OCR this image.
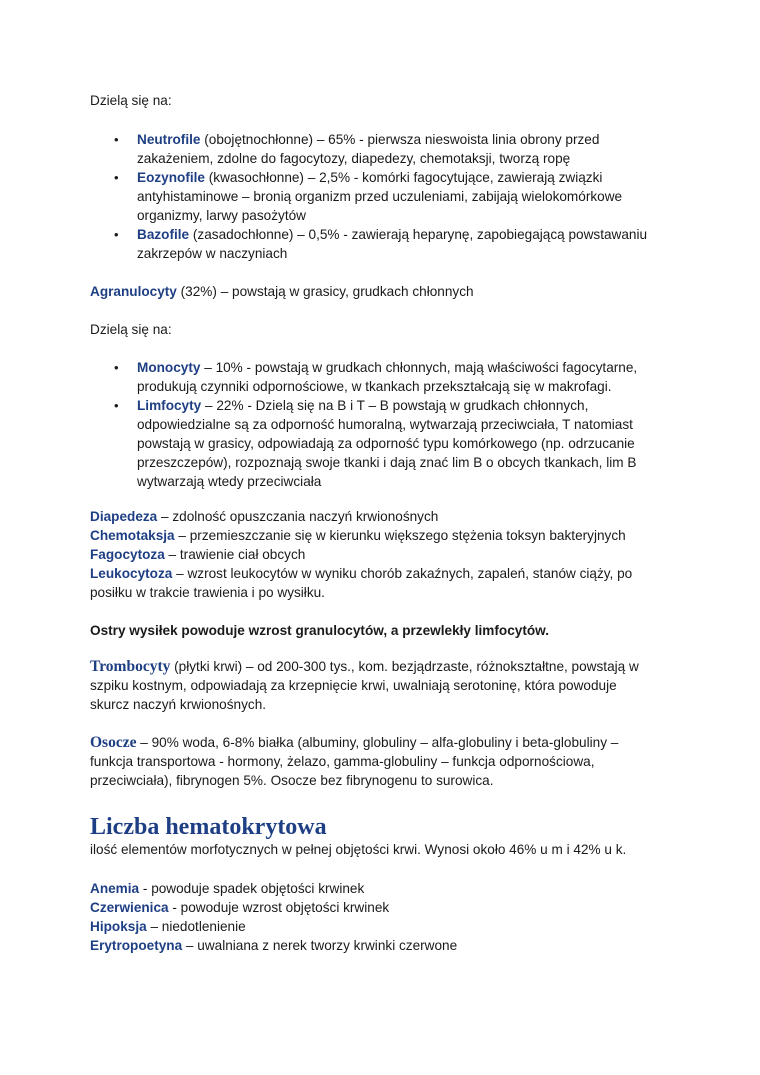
Dzielą się na:
• Neutrofile (obojętnochłonne) – 65% - pierwsza nieswoista linia obrony przed
zakażeniem, zdolne do fagocytozy, diapedezy, chemotaksji, tworzą ropę
• Eozynofile (kwasochłonne) – 2,5% - komórki fagocytujące, zawierają związki
antyhistaminowe – bronią organizm przed uczuleniami, zabijają wielokomórkowe
organizmy, larwy pasożytów
• Bazofile (zasadochłonne) – 0,5% - zawierają heparynę, zapobiegającą powstawaniu
zakrzepów w naczyniach
Agranulocyty (32%) – powstają w grasicy, grudkach chłonnych
Dzielą się na:
• Monocyty – 10% - powstają w grudkach chłonnych, mają właściwości fagocytarne,
produkują czynniki odpornościowe, w tkankach przekształcają się w makrofagi.
• Limfocyty – 22% - Dzielą się na B i T – B powstają w grudkach chłonnych,
odpowiedzialne są za odporność humoralną, wytwarzają przeciwciała, T natomiast
powstają w grasicy, odpowiadają za odporność typu komórkowego (np. odrzucanie
przeszczepów), rozpoznają swoje tkanki i dają znać lim B o obcych tkankach, lim B
wytwarzają wtedy przeciwciała
Diapedeza – zdolność opuszczania naczyń krwionośnych
Chemotaksja – przemieszczanie się w kierunku większego stężenia toksyn bakteryjnych
Fagocytoza – trawienie ciał obcych
Leukocytoza – wzrost leukocytów w wyniku chorób zakaźnych, zapaleń, stanów ciąży, po
posiłku w trakcie trawienia i po wysiłku.
Ostry wysiłek powoduje wzrost granulocytów, a przewlekły limfocytów.
Trombocyty (płytki krwi) – od 200-300 tys., kom. bezjądrzaste, różnokształtne, powstają w
szpiku kostnym, odpowiadają za krzepnięcie krwi, uwalniają serotoninę, która powoduje
skurcz naczyń krwionośnych.
Osocze – 90% woda, 6-8% białka (albuminy, globuliny – alfa-globuliny i beta-globuliny –
funkcja transportowa - hormony, żelazo, gamma-globuliny – funkcja odpornościowa,
przeciwciała), fibrynogen 5%. Osocze bez fibrynogenu to surowica.
Liczba hematokrytowa
ilość elementów morfotycznych w pełnej objętości krwi. Wynosi około 46% u m i 42% u k.
Anemia - powoduje spadek objętości krwinek
Czerwienica - powoduje wzrost objętości krwinek
Hipoksja – niedotlenienie
Erytropoetyna – uwalniana z nerek tworzy krwinki czerwone
